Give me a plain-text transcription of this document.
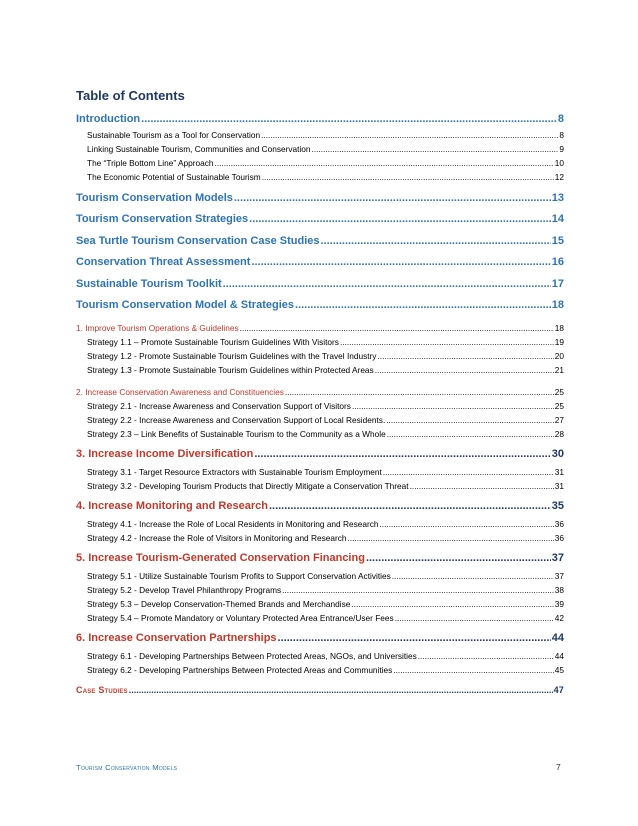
Table of Contents
Introduction .....	8
Sustainable Tourism as a Tool for Conservation .....	8
Linking Sustainable Tourism, Communities and Conservation .....	9
The “Triple Bottom Line” Approach .....	10
The Economic Potential of Sustainable Tourism .....	12
Tourism Conservation Models .....	13
Tourism Conservation Strategies .....	14
Sea Turtle Tourism Conservation Case Studies .....	15
Conservation Threat Assessment .....	16
Sustainable Tourism Toolkit .....	17
Tourism Conservation Model & Strategies .....	18
1. Improve Tourism Operations & Guidelines .....	18
Strategy 1.1 – Promote Sustainable Tourism Guidelines With Visitors .....	19
Strategy 1.2 - Promote Sustainable Tourism Guidelines with the Travel Industry .....	20
Strategy 1.3 - Promote Sustainable Tourism Guidelines within Protected Areas .....	21
2. Increase Conservation Awareness and Constituencies .....	25
Strategy 2.1 - Increase Awareness and Conservation Support of Visitors .....	25
Strategy 2.2 - Increase Awareness and Conservation Support of Local Residents. .....	27
Strategy 2.3 – Link Benefits of Sustainable Tourism to the Community as a Whole .....	28
3. Increase Income Diversification .....	30
Strategy 3.1 - Target Resource Extractors with Sustainable Tourism Employment .....	31
Strategy 3.2 - Developing Tourism Products that Directly Mitigate a Conservation Threat .....	31
4. Increase Monitoring and Research .....	35
Strategy 4.1 - Increase the Role of Local Residents in Monitoring and Research .....	36
Strategy 4.2 - Increase the Role of Visitors in Monitoring and Research .....	36
5. Increase Tourism-Generated Conservation Financing .....	37
Strategy 5.1 - Utilize Sustainable Tourism Profits to Support Conservation Activities .....	37
Strategy 5.2 - Develop Travel Philanthropy Programs .....	38
Strategy 5.3 – Develop Conservation-Themed Brands and Merchandise .....	39
Strategy 5.4 – Promote Mandatory or Voluntary Protected Area Entrance/User Fees .....	42
6. Increase Conservation Partnerships .....	44
Strategy 6.1 - Developing Partnerships Between Protected Areas, NGOs, and Universities .....	44
Strategy 6.2 - Developing Partnerships Between Protected Areas and Communities .....	45
Case Studies .....	47
Tourism Conservation Models	7
